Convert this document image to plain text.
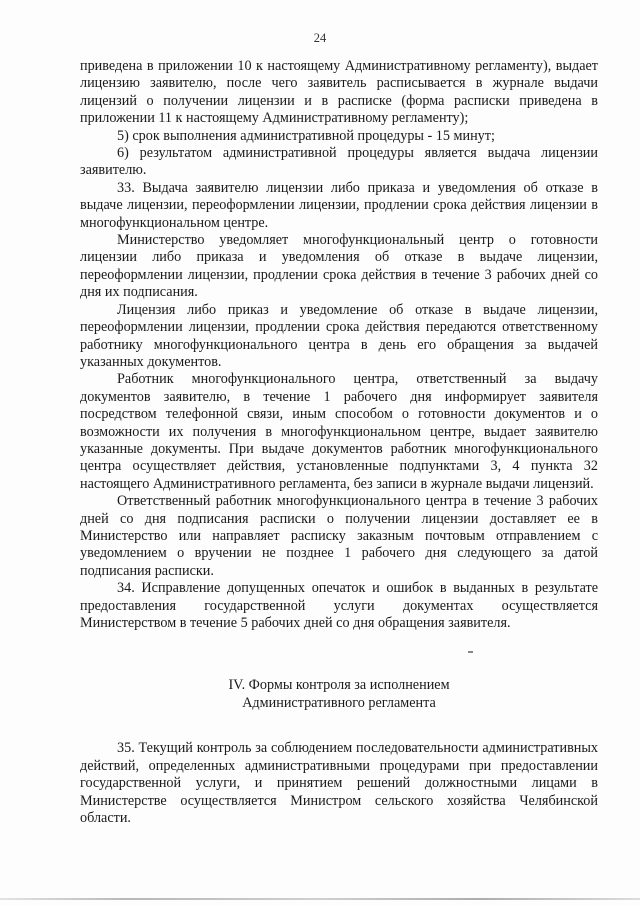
24

приведена в приложении 10 к настоящему Административному регламенту), выдает лицензию заявителю, после чего заявитель расписывается в журнале выдачи лицензий о получении лицензии и в расписке (форма расписки приведена в приложении 11 к настоящему Административному регламенту);

5) срок выполнения административной процедуры - 15 минут;

6) результатом административной процедуры является выдача лицензии заявителю.

33. Выдача заявителю лицензии либо приказа и уведомления об отказе в выдаче лицензии, переоформлении лицензии, продлении срока действия лицензии в многофункциональном центре.

Министерство уведомляет многофункциональный центр о готовности лицензии либо приказа и уведомления об отказе в выдаче лицензии, переоформлении лицензии, продлении срока действия в течение 3 рабочих дней со дня их подписания.

Лицензия либо приказ и уведомление об отказе в выдаче лицензии, переоформлении лицензии, продлении срока действия передаются ответственному работнику многофункционального центра в день его обращения за выдачей указанных документов.

Работник многофункционального центра, ответственный за выдачу документов заявителю, в течение 1 рабочего дня информирует заявителя посредством телефонной связи, иным способом о готовности документов и о возможности их получения в многофункциональном центре, выдает заявителю указанные документы. При выдаче документов работник многофункционального центра осуществляет действия, установленные подпунктами 3, 4 пункта 32 настоящего Административного регламента, без записи в журнале выдачи лицензий.

Ответственный работник многофункционального центра в течение 3 рабочих дней со дня подписания расписки о получении лицензии доставляет ее в Министерство или направляет расписку заказным почтовым отправлением с уведомлением о вручении не позднее 1 рабочего дня следующего за датой подписания расписки.

34. Исправление допущенных опечаток и ошибок в выданных в результате предоставления государственной услуги документах осуществляется Министерством в течение 5 рабочих дней со дня обращения заявителя.

IV. Формы контроля за исполнением
Административного регламента

35. Текущий контроль за соблюдением последовательности административных действий, определенных административными процедурами при предоставлении государственной услуги, и принятием решений должностными лицами в Министерстве осуществляется Министром сельского хозяйства Челябинской области.
